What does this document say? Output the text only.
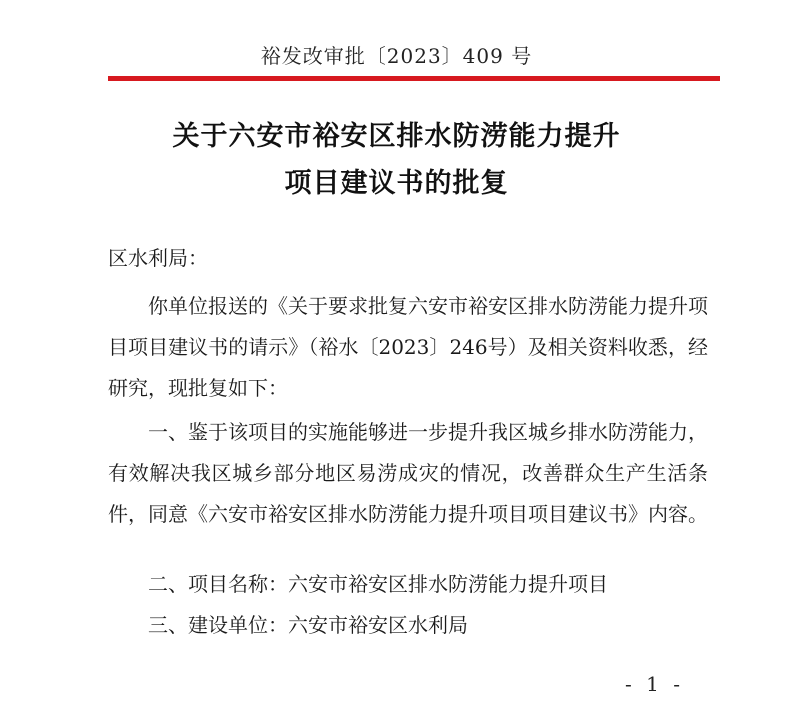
裕发改审批〔2023〕409 号
关于六安市裕安区排水防涝能力提升
项目建议书的批复
区水利局：
你单位报送的《关于要求批复六安市裕安区排水防涝能力提升项目项目建议书的请示》（裕水〔2023〕246号）及相关资料收悉，经研究，现批复如下：
一、鉴于该项目的实施能够进一步提升我区城乡排水防涝能力，有效解决我区城乡部分地区易涝成灾的情况，改善群众生产生活条件，同意《六安市裕安区排水防涝能力提升项目项目建议书》内容。
二、项目名称：六安市裕安区排水防涝能力提升项目
三、建设单位：六安市裕安区水利局
- 1 -
